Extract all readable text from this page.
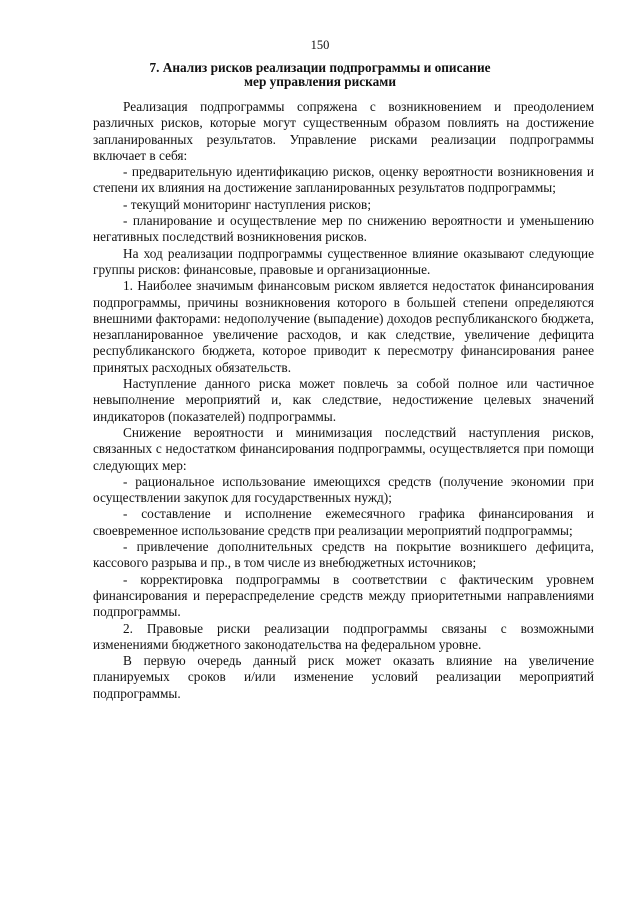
150
7. Анализ рисков реализации подпрограммы и описание
мер управления рисками

Реализация подпрограммы сопряжена с возникновением и преодолением различных рисков, которые могут существенным образом повлиять на достижение запланированных результатов. Управление рисками реализации подпрограммы включает в себя:

- предварительную идентификацию рисков, оценку вероятности возникновения и степени их влияния на достижение запланированных результатов подпрограммы;

- текущий мониторинг наступления рисков;

- планирование и осуществление мер по снижению вероятности и уменьшению негативных последствий возникновения рисков.

На ход реализации подпрограммы существенное влияние оказывают следующие группы рисков: финансовые, правовые и организационные.

1. Наиболее значимым финансовым риском является недостаток финансирования подпрограммы, причины возникновения которого в большей степени определяются внешними факторами: недополучение (выпадение) доходов республиканского бюджета, незапланированное увеличение расходов, и как следствие, увеличение дефицита республиканского бюджета, которое приводит к пересмотру финансирования ранее принятых расходных обязательств.

Наступление данного риска может повлечь за собой полное или частичное невыполнение мероприятий и, как следствие, недостижение целевых значений индикаторов (показателей) подпрограммы.

Снижение вероятности и минимизация последствий наступления рисков, связанных с недостатком финансирования подпрограммы, осуществляется при помощи следующих мер:

- рациональное использование имеющихся средств (получение экономии при осуществлении закупок для государственных нужд);

- составление и исполнение ежемесячного графика финансирования и своевременное использование средств при реализации мероприятий подпрограммы;

- привлечение дополнительных средств на покрытие возникшего дефицита, кассового разрыва и пр., в том числе из внебюджетных источников;

- корректировка подпрограммы в соответствии с фактическим уровнем финансирования и перераспределение средств между приоритетными направлениями подпрограммы.

2. Правовые риски реализации подпрограммы связаны с возможными изменениями бюджетного законодательства на федеральном уровне.

В первую очередь данный риск может оказать влияние на увеличение планируемых сроков и/или изменение условий реализации мероприятий подпрограммы.
